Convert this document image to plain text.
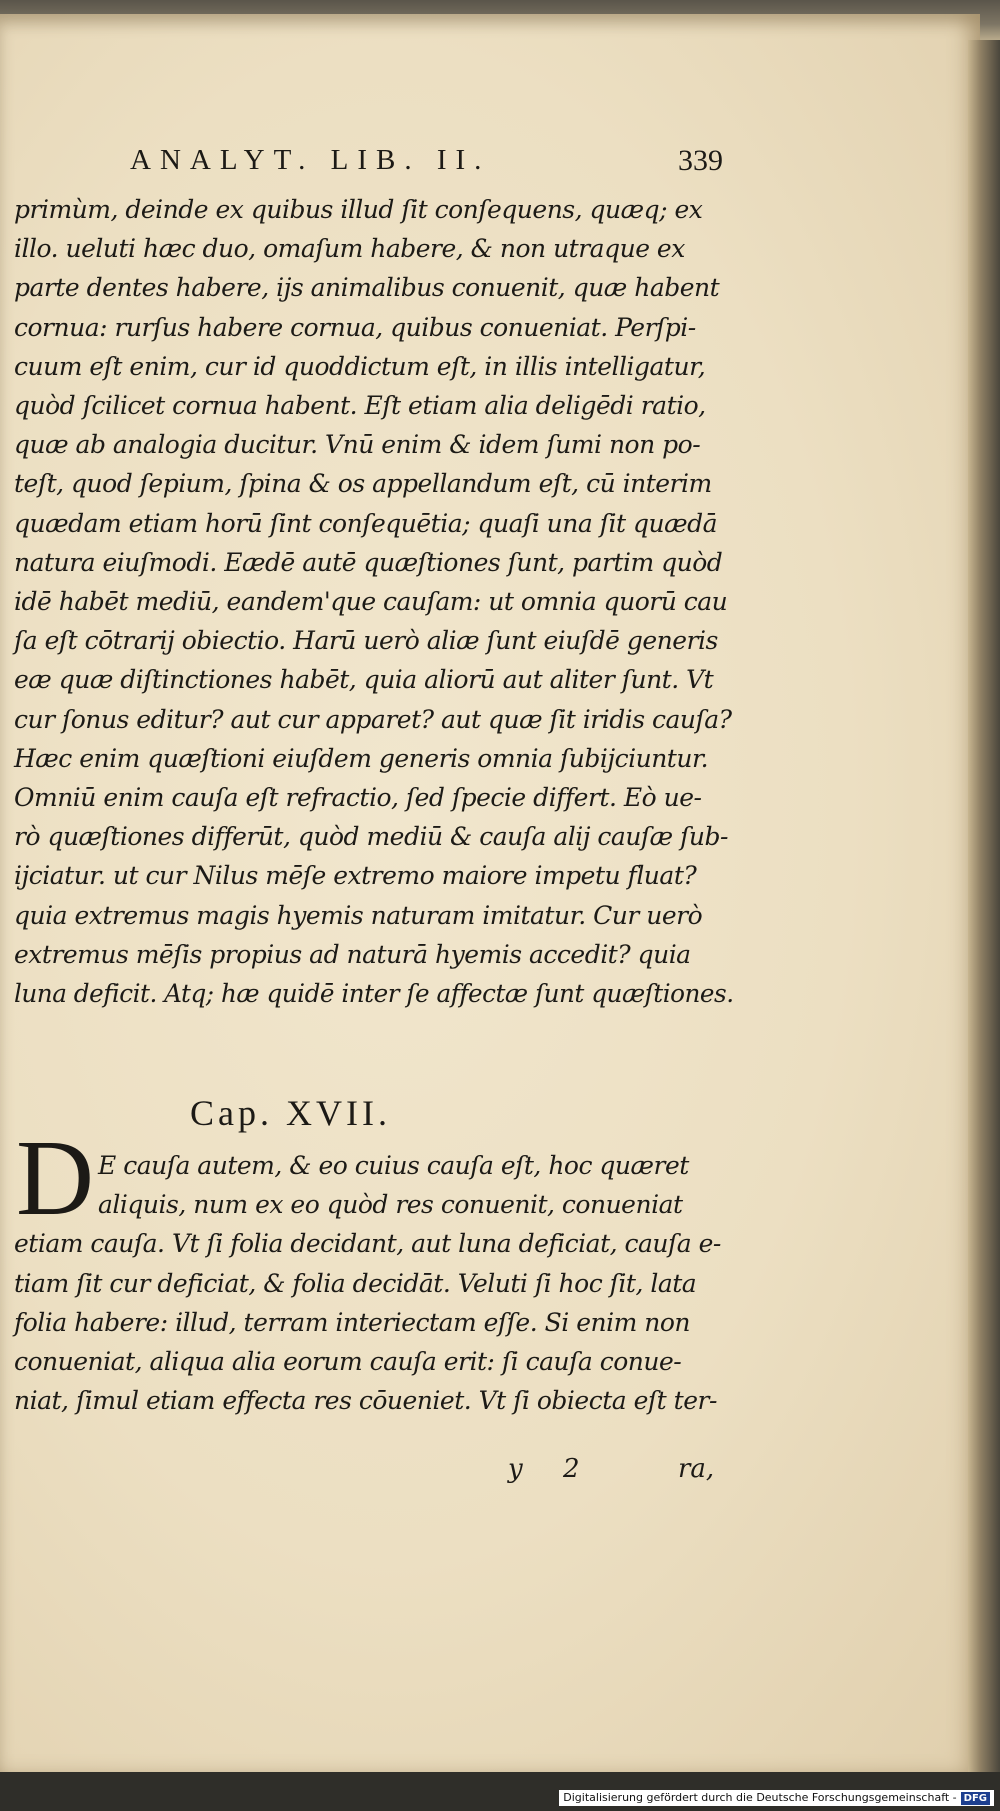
ANALYT. LIB. II.	339
primùm, deinde ex quibus illud ſit conſequens, quæq; ex
illo. ueluti hæc duo, omaſum habere, & non utraque ex
parte dentes habere, ijs animalibus conuenit, quæ habent
cornua: rurſus habere cornua, quibus conueniat. Perſpi-
cuum eſt enim, cur id quoddictum eſt, in illis intelligatur,
quòd ſcilicet cornua habent. Eſt etiam alia deligēdi ratio,
quæ ab analogia ducitur. Vnū enim & idem ſumi non po-
teſt, quod ſepium, ſpina & os appellandum eſt, cū interim
quædam etiam horū ſint conſequētia; quaſi una ſit quædā
natura eiuſmodi. Eædē autē quæſtiones ſunt, partim quòd
idē habēt mediū, eandem'que cauſam: ut omnia quorū cau
ſa eſt cōtrarij obiectio. Harū uerò aliæ ſunt eiuſdē generis
eæ quæ diſtinctiones habēt, quia aliorū aut aliter ſunt. Vt
cur ſonus editur? aut cur apparet? aut quæ ſit iridis cauſa?
Hæc enim quæſtioni eiuſdem generis omnia ſubijciuntur.
Omniū enim cauſa eſt refractio, ſed ſpecie differt. Eò ue-
rò quæſtiones differūt, quòd mediū & cauſa alij cauſæ ſub-
ijciatur. ut cur Nilus mēſe extremo maiore impetu fluat?
quia extremus magis hyemis naturam imitatur. Cur uerò
extremus mēſis propius ad naturā hyemis accedit? quia
luna deficit. Atq; hæ quidē inter ſe affectæ ſunt quæſtiones.
Cap. XVII.
D E cauſa autem, & eo cuius cauſa eſt, hoc quæret
aliquis, num ex eo quòd res conuenit, conueniat
etiam cauſa. Vt ſi folia decidant, aut luna deficiat, cauſa e-
tiam ſit cur deficiat, & folia decidāt. Veluti ſi hoc ſit, lata
folia habere: illud, terram interiectam eſſe. Si enim non
conueniat, aliqua alia eorum cauſa erit: ſi cauſa conue-
niat, ſimul etiam effecta res cōueniet. Vt ſi obiecta eſt ter-
y 2	ra,
Digitalisierung gefördert durch die Deutsche Forschungsgemeinschaft - DFG
